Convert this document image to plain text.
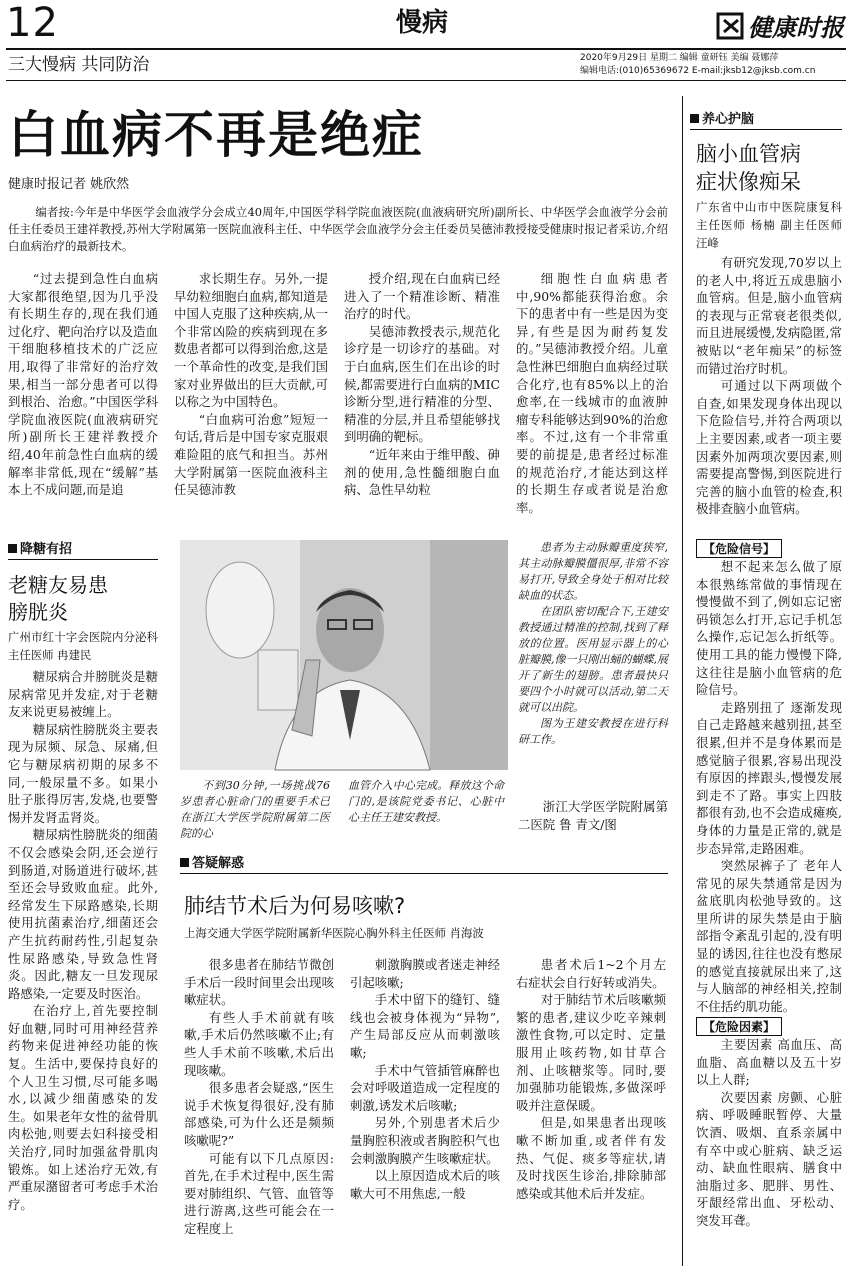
12	慢病	健康时报
三大慢病 共同防治	2020年9月29日 星期二 编辑 童研钰 美编 聂娜萍
编辑电话:(010)65369672 E-mail:jksb12@jksb.com.cn
白血病不再是绝症
健康时报记者 姚欣然
编者按:今年是中华医学会血液学分会成立40周年,中国医学科学院血液医院(血液病研究所)副所长、中华医学会血液学分会前任主任委员王建祥教授,苏州大学附属第一医院血液科主任、中华医学会血液学分会主任委员吴德沛教授接受健康时报记者采访,介绍白血病治疗的最新技术。

“过去提到急性白血病大家都很绝望,因为几乎没有长期生存的,现在我们通过化疗、靶向治疗以及造血干细胞移植技术的广泛应用,取得了非常好的治疗效果,相当一部分患者可以得到根治、治愈。”中国医学科学院血液医院(血液病研究所)副所长王建祥教授介绍,40年前急性白血病的缓解率非常低,现在“缓解”基本上不成问题,而是追

求长期生存。另外,一提早幼粒细胞白血病,都知道是中国人克服了这种疾病,从一个非常凶险的疾病到现在多数患者都可以得到治愈,这是一个革命性的改变,是我们国家对业界做出的巨大贡献,可以称之为中国特色。

“白血病可治愈”短短一句话,背后是中国专家克服艰难险阻的底气和担当。苏州大学附属第一医院血液科主任吴德沛教

授介绍,现在白血病已经进入了一个精准诊断、精准治疗的时代。

吴德沛教授表示,规范化诊疗是一切诊疗的基础。对于白血病,医生们在出诊的时候,都需要进行白血病的MIC诊断分型,进行精准的分型、精准的分层,并且希望能够找到明确的靶标。

“近年来由于维甲酸、砷剂的使用,急性髓细胞白血病、急性早幼粒

细胞性白血病患者中,90%都能获得治愈。余下的患者中有一些是因为变异,有些是因为耐药复发的。”吴德沛教授介绍。儿童急性淋巴细胞白血病经过联合化疗,也有85%以上的治愈率,在一线城市的血液肿瘤专科能够达到90%的治愈率。不过,这有一个非常重要的前提是,患者经过标准的规范治疗,才能达到这样的长期生存或者说是治愈率。

养心护脑
脑小血管病
症状像痴呆
广东省中山市中医院康复科主任医师 杨楠 副主任医师 汪峰

有研究发现,70岁以上的老人中,将近五成患脑小血管病。但是,脑小血管病的表现与正常衰老很类似,而且进展缓慢,发病隐匿,常被贴以“老年痴呆”的标签而错过治疗时机。

可通过以下两项做个自查,如果发现身体出现以下危险信号,并符合两项以上主要因素,或者一项主要因素外加两项次要因素,则需要提高警惕,到医院进行完善的脑小血管的检查,积极排查脑小血管病。

【危险信号】

想不起来怎么做了原本很熟练常做的事情现在慢慢做不到了,例如忘记密码锁怎么打开,忘记手机怎么操作,忘记怎么折纸等。使用工具的能力慢慢下降,这往往是脑小血管病的危险信号。

走路别扭了 逐渐发现自己走路越来越别扭,甚至很累,但并不是身体累而是感觉脑子很累,容易出现没有原因的摔跟头,慢慢发展到走不了路。事实上四肢都很有劲,也不会造成瘫痪,身体的力量是正常的,就是步态异常,走路困难。

突然尿裤子了 老年人常见的尿失禁通常是因为盆底肌肉松弛导致的。这里所讲的尿失禁是由于脑部指令紊乱引起的,没有明显的诱因,往往也没有憋尿的感觉直接就尿出来了,这与人脑部的神经相关,控制不住括约肌功能。

【危险因素】

主要因素 高血压、高血脂、高血糖以及五十岁以上人群;

次要因素 房颤、心脏病、呼吸睡眠暂停、大量饮酒、吸烟、直系亲属中有卒中或心脏病、缺乏运动、缺血性眼病、膳食中油脂过多、肥胖、男性、牙龈经常出血、牙松动、突发耳聋。

降糖有招
老糖友易患
膀胱炎
广州市红十字会医院内分泌科主任医师 冉建民

糖尿病合并膀胱炎是糖尿病常见并发症,对于老糖友来说更易被缠上。

糖尿病性膀胱炎主要表现为尿频、尿急、尿痛,但它与糖尿病初期的尿多不同,一般尿量不多。如果小肚子胀得厉害,发烧,也要警惕并发肾盂肾炎。

糖尿病性膀胱炎的细菌不仅会感染会阴,还会逆行到肠道,对肠道进行破坏,甚至还会导致败血症。此外,经常发生下尿路感染,长期使用抗菌素治疗,细菌还会产生抗药耐药性,引起复杂性尿路感染,导致急性肾炎。因此,糖友一旦发现尿路感染,一定要及时医治。

在治疗上,首先要控制好血糖,同时可用神经营养药物来促进神经功能的恢复。生活中,要保持良好的个人卫生习惯,尽可能多喝水,以减少细菌感染的发生。如果老年女性的盆骨肌肉松弛,则要去妇科接受相关治疗,同时加强盆骨肌肉锻炼。如上述治疗无效,有严重尿潴留者可考虑手术治疗。

不到30分钟,一场挑战76岁患者心脏命门的重要手术已在浙江大学医学院附属第二医院的心
血管介入中心完成。释放这个命门的,是该院党委书记、心脏中心主任王建安教授。

患者为主动脉瓣重度狭窄,其主动脉瓣膜僵很厚,非常不容易打开,导致全身处于相对比较缺血的状态。

在团队密切配合下,王建安教授通过精准的控制,找到了释放的位置。医用显示器上的心脏瓣膜,像一只刚出蛹的蝴蝶,展开了新生的翅膀。患者最快只要四个小时就可以活动,第二天就可以出院。

图为王建安教授在进行科研工作。

浙江大学医学院附属第二医院 鲁 青文/图
答疑解惑
肺结节术后为何易咳嗽?
上海交通大学医学院附属新华医院心胸外科主任医师 肖海波

很多患者在肺结节微创手术后一段时间里会出现咳嗽症状。

有些人手术前就有咳嗽,手术后仍然咳嗽不止;有些人手术前不咳嗽,术后出现咳嗽。

很多患者会疑惑,“医生说手术恢复得很好,没有肺部感染,可为什么还是频频咳嗽呢?”

可能有以下几点原因:首先,在手术过程中,医生需要对肺组织、气管、血管等进行游离,这些可能会在一定程度上

刺激胸膜或者迷走神经引起咳嗽;

手术中留下的缝钉、缝线也会被身体视为“异物”,产生局部反应从而刺激咳嗽;

手术中气管插管麻醉也会对呼吸道造成一定程度的刺激,诱发术后咳嗽;

另外,个别患者术后少量胸腔积液或者胸腔积气也会刺激胸膜产生咳嗽症状。

以上原因造成术后的咳嗽大可不用焦虑,一般

患者术后1~2个月左右症状会自行好转或消失。

对于肺结节术后咳嗽频繁的患者,建议少吃辛辣刺激性食物,可以定时、定量服用止咳药物,如甘草合剂、止咳糖浆等。同时,要加强肺功能锻炼,多做深呼吸并注意保暖。

但是,如果患者出现咳嗽不断加重,或者伴有发热、气促、痰多等症状,请及时找医生诊治,排除肺部感染或其他术后并发症。
